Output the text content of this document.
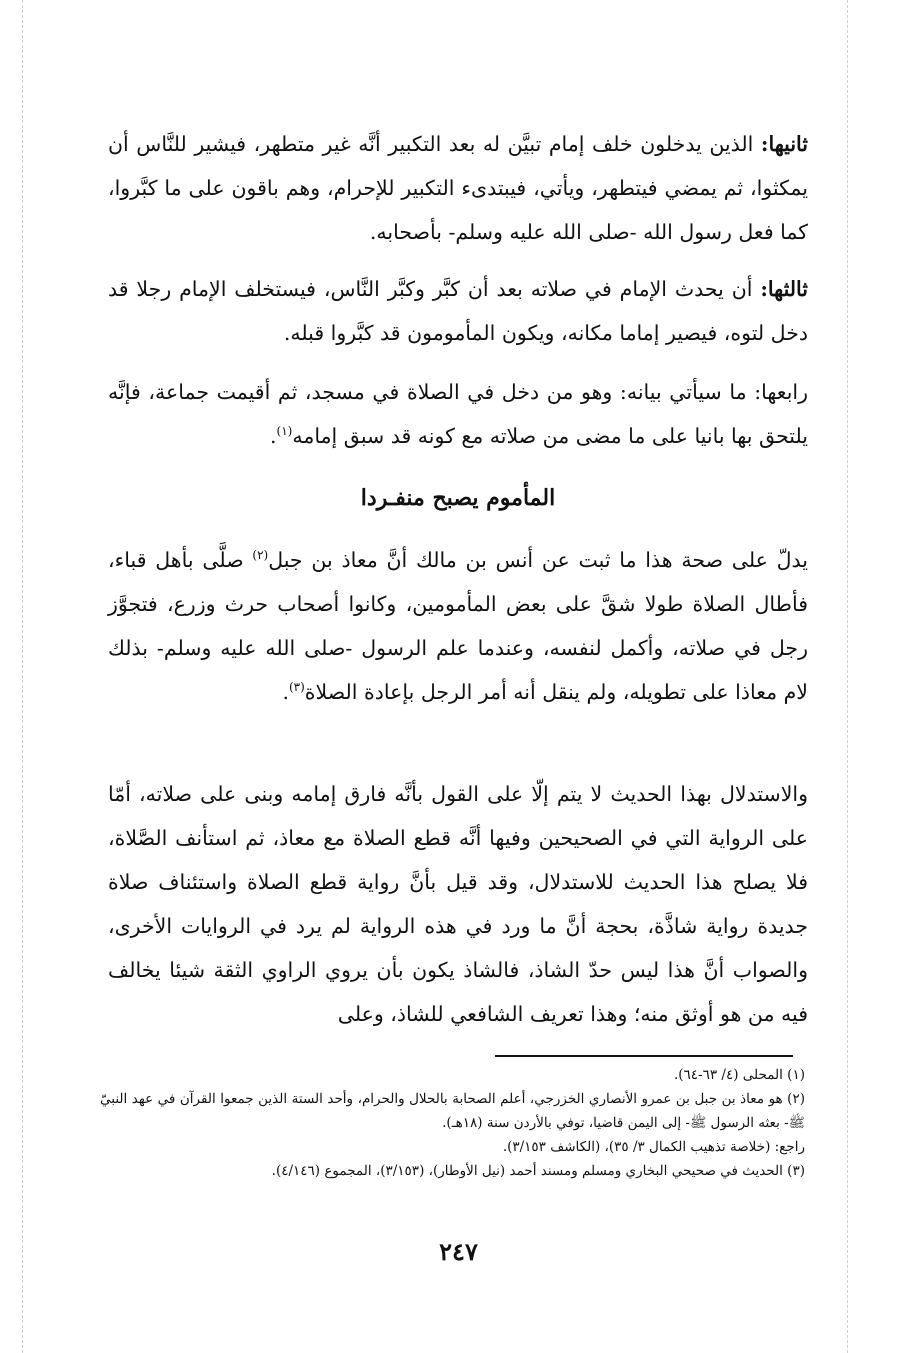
ثانيها: الذين يدخلون خلف إمام تبيَّن له بعد التكبير أنَّه غير متطهر، فيشير للنَّاس أن يمكثوا، ثم يمضي فيتطهر، ويأتي، فيبتدىء التكبير للإحرام، وهم باقون على ما كبَّروا، كما فعل رسول الله -صلى الله عليه وسلم- بأصحابه.
ثالثها: أن يحدث الإمام في صلاته بعد أن كبَّر وكبَّر النَّاس، فيستخلف الإمام رجلا قد دخل لتوه، فيصير إماما مكانه، ويكون المأمومون قد كبَّروا قبله.
رابعها: ما سيأتي بيانه: وهو من دخل في الصلاة في مسجد، ثم أقيمت جماعة، فإنَّه يلتحق بها بانيا على ما مضى من صلاته مع كونه قد سبق إمامه$^{(١)}$.
المأموم يصبح منفـردا
يدلّ على صحة هذا ما ثبت عن أنس بن مالك أنَّ معاذ بن جبل$^{(٢)}$ صلَّى بأهل قباء، فأطال الصلاة طولا شقَّ على بعض المأمومين، وكانوا أصحاب حرث وزرع، فتجوَّز رجل في صلاته، وأكمل لنفسه، وعندما علم الرسول -صلى الله عليه وسلم- بذلك لام معاذا على تطويله، ولم ينقل أنه أمر الرجل بإعادة الصلاة$^{(٣)}$.
والاستدلال بهذا الحديث لا يتم إلّا على القول بأنَّه فارق إمامه وبنى على صلاته، أمّا على الرواية التي في الصحيحين وفيها أنَّه قطع الصلاة مع معاذ، ثم استأنف الصَّلاة، فلا يصلح هذا الحديث للاستدلال، وقد قيل بأنَّ رواية قطع الصلاة واستئناف صلاة جديدة رواية شاذَّة، بحجة أنَّ ما ورد في هذه الرواية لم يرد في الروايات الأخرى، والصواب أنَّ هذا ليس حدّ الشاذ، فالشاذ يكون بأن يروي الراوي الثقة شيئا يخالف فيه من هو أوثق منه؛ وهذا تعريف الشافعي للشاذ، وعلى

(١) المحلى (٤/ ٦٣-٦٤).

(٢) هو معاذ بن جبل بن عمرو الأنصاري الخزرجي، أعلم الصحابة بالحلال والحرام، وأحد الستة الذين جمعوا القرآن في عهد النبيّ ﷺ- بعثه الرسول ﷺ- إلى اليمن قاضيا، توفي بالأردن سنة (١٨هـ).

راجع: (خلاصة تذهيب الكمال ٣/ ٣٥)، (الكاشف ٣/١٥٣).

(٣) الحديث في صحيحي البخاري ومسلم ومسند أحمد (نيل الأوطار)، (٣/١٥٣)، المجموع (٤/١٤٦).

٢٤٧
